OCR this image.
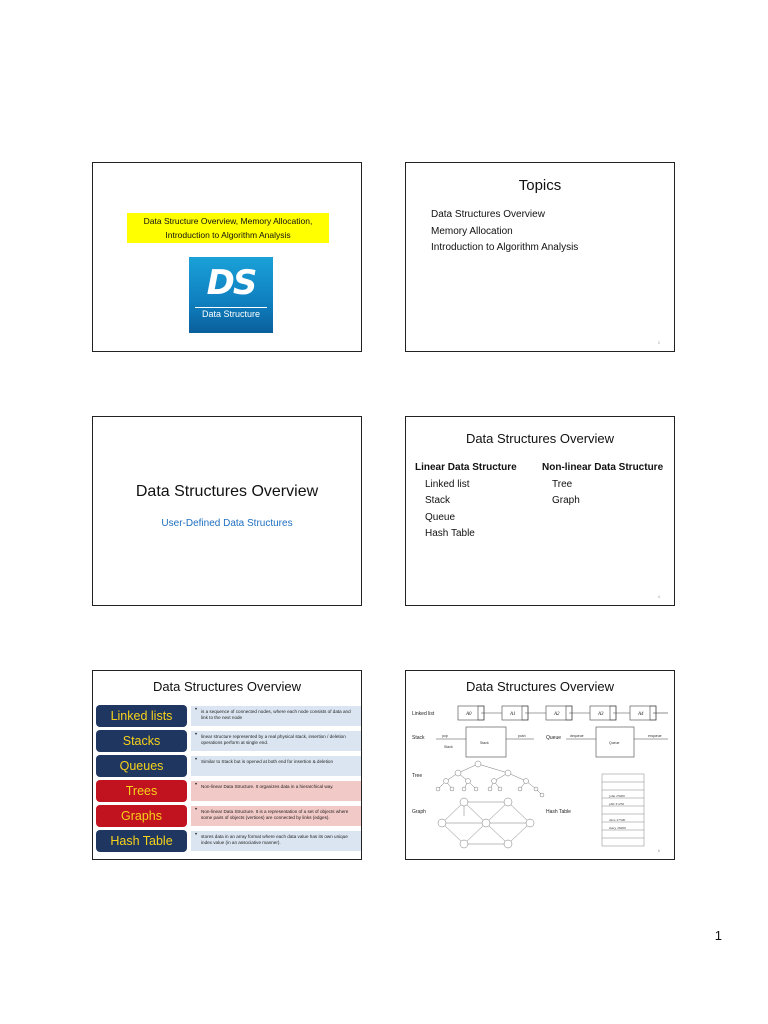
Data Structure Overview, Memory Allocation,
Introduction to Algorithm Analysis
DS
Data Structure
Topics
Data Structures Overview
Memory Allocation
Introduction to Algorithm Analysis
2
Data Structures Overview
User-Defined Data Structures
Data Structures Overview
Linear Data Structure
Linked list
Stack
Queue
Hash Table
Non-linear Data Structure
Tree
Graph
4
Data Structures Overview
Linked lists	• is a sequence of connected nodes, where each node consists of data and link to the next node
Stacks	• linear structure represented by a real physical stack, insertion / deletion operations perform at single end.
Queues	• Similar to Stack but is opened at both end for insertion & deletion
Trees	• Non-linear Data Structure. It organizes data in a hierarchical way.
Graphs	• Non-linear Data Structure. It is a representation of a set of objects where some pairs of objects (vertices) are connected by links (edges).
Hash Table	• stores data in an array format where each data value has its own unique index value (in an associative manner).
Data Structures Overview
Linked list
Stack	Queue
Tree
Graph	Hash Table
A0	A1	A2	A3	A4
Stack
pop
Stack
push
Queue
dequeue	enqueue
john 25000
phil 31250
dave 27500
mary 28200
6
1
